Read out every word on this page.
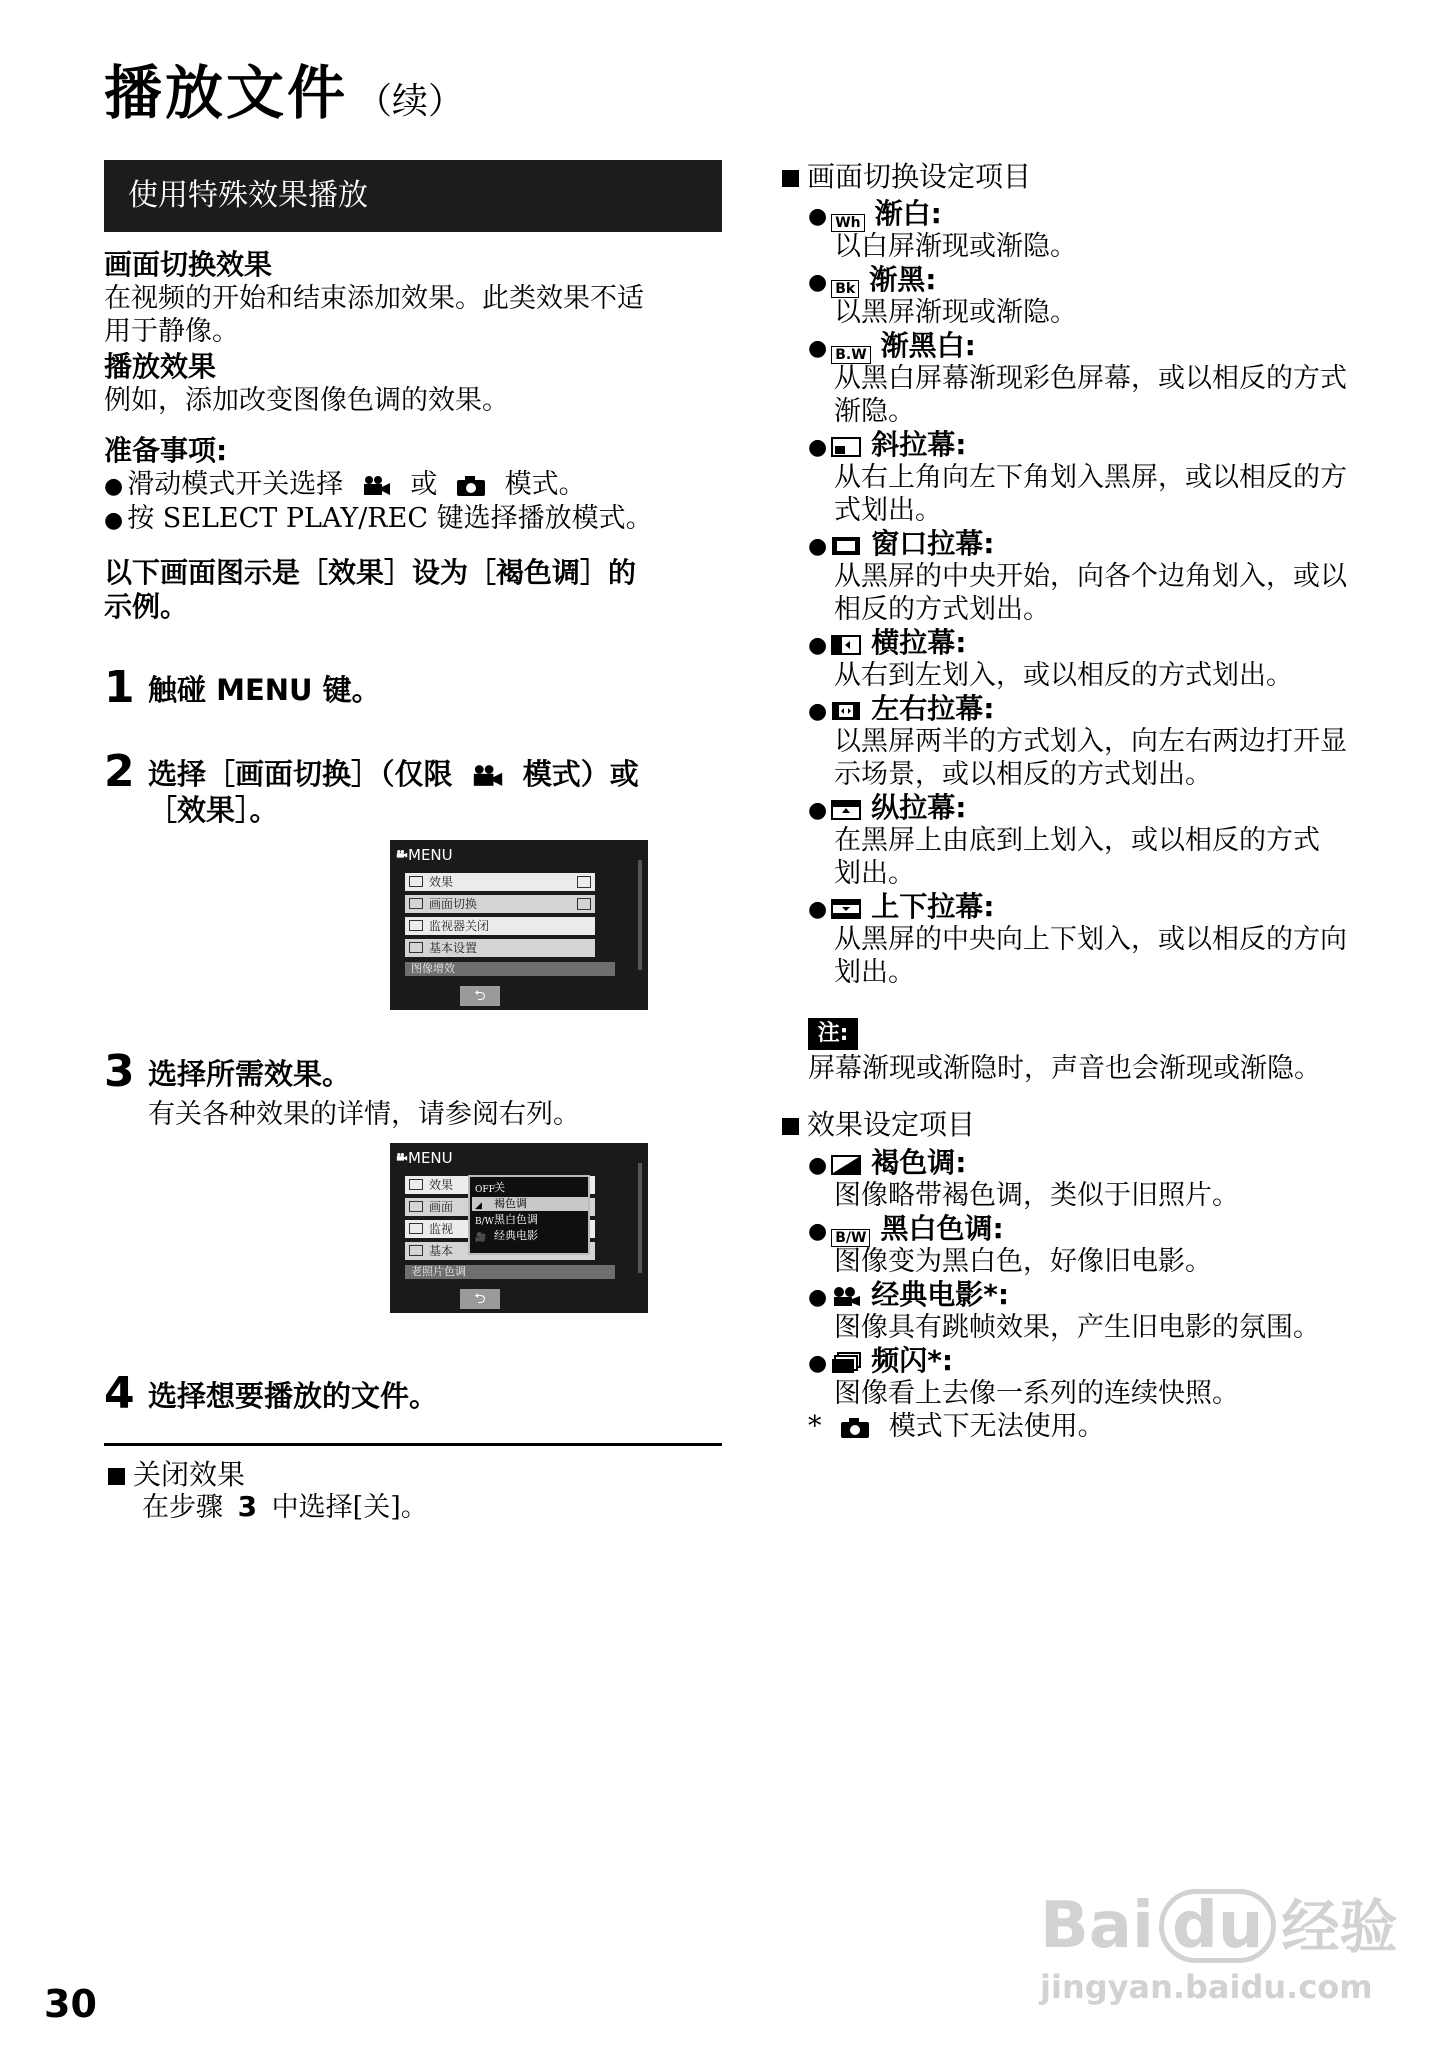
播放文件 （续）
使用特殊效果播放
画面切换效果
在视频的开始和结束添加效果。此类效果不适
用于静像。
播放效果
例如，添加改变图像色调的效果。
准备事项:
● 滑动模式开关选择 或 模式。
● 按 SELECT PLAY/REC 键选择播放模式。
以下画面图示是［效果］设为［褐色调］的
示例。
1 触碰 MENU 键。
2 选择［画面切换］（仅限 模式）或
［效果］。
MENU
效果
画面切换
监视器关闭
基本设置
图像增效
⮌
3 选择所需效果。
有关各种效果的详情，请参阅右列。
MENU
效果
画面
监视
基本
老照片色调
OFF 关
◢ 褐色调
B/W 黑白色调
🎥 经典电影
⮌
4 选择想要播放的文件。
关闭效果
在步骤 3 中选择[关]。
画面切换设定项目
● Wh 渐白:
以白屏渐现或渐隐。
● Bk 渐黑:
以黑屏渐现或渐隐。
● B.W 渐黑白:
从黑白屏幕渐现彩色屏幕，或以相反的方式
渐隐。
● 斜拉幕:
从右上角向左下角划入黑屏，或以相反的方
式划出。
● 窗口拉幕:
从黑屏的中央开始，向各个边角划入，或以
相反的方式划出。
● 横拉幕:
从右到左划入，或以相反的方式划出。
● 左右拉幕:
以黑屏两半的方式划入，向左右两边打开显
示场景，或以相反的方式划出。
● 纵拉幕:
在黑屏上由底到上划入，或以相反的方式
划出。
● 上下拉幕:
从黑屏的中央向上下划入，或以相反的方向
划出。
注:
屏幕渐现或渐隐时，声音也会渐现或渐隐。
效果设定项目
● 褐色调:
图像略带褐色调，类似于旧照片。
● B/W 黑白色调:
图像变为黑白色，好像旧电影。
● 经典电影*:
图像具有跳帧效果，产生旧电影的氛围。
● 频闪*:
图像看上去像一系列的连续快照。
* 模式下无法使用。
30
Bai du 经验
jingyan.baidu.com
